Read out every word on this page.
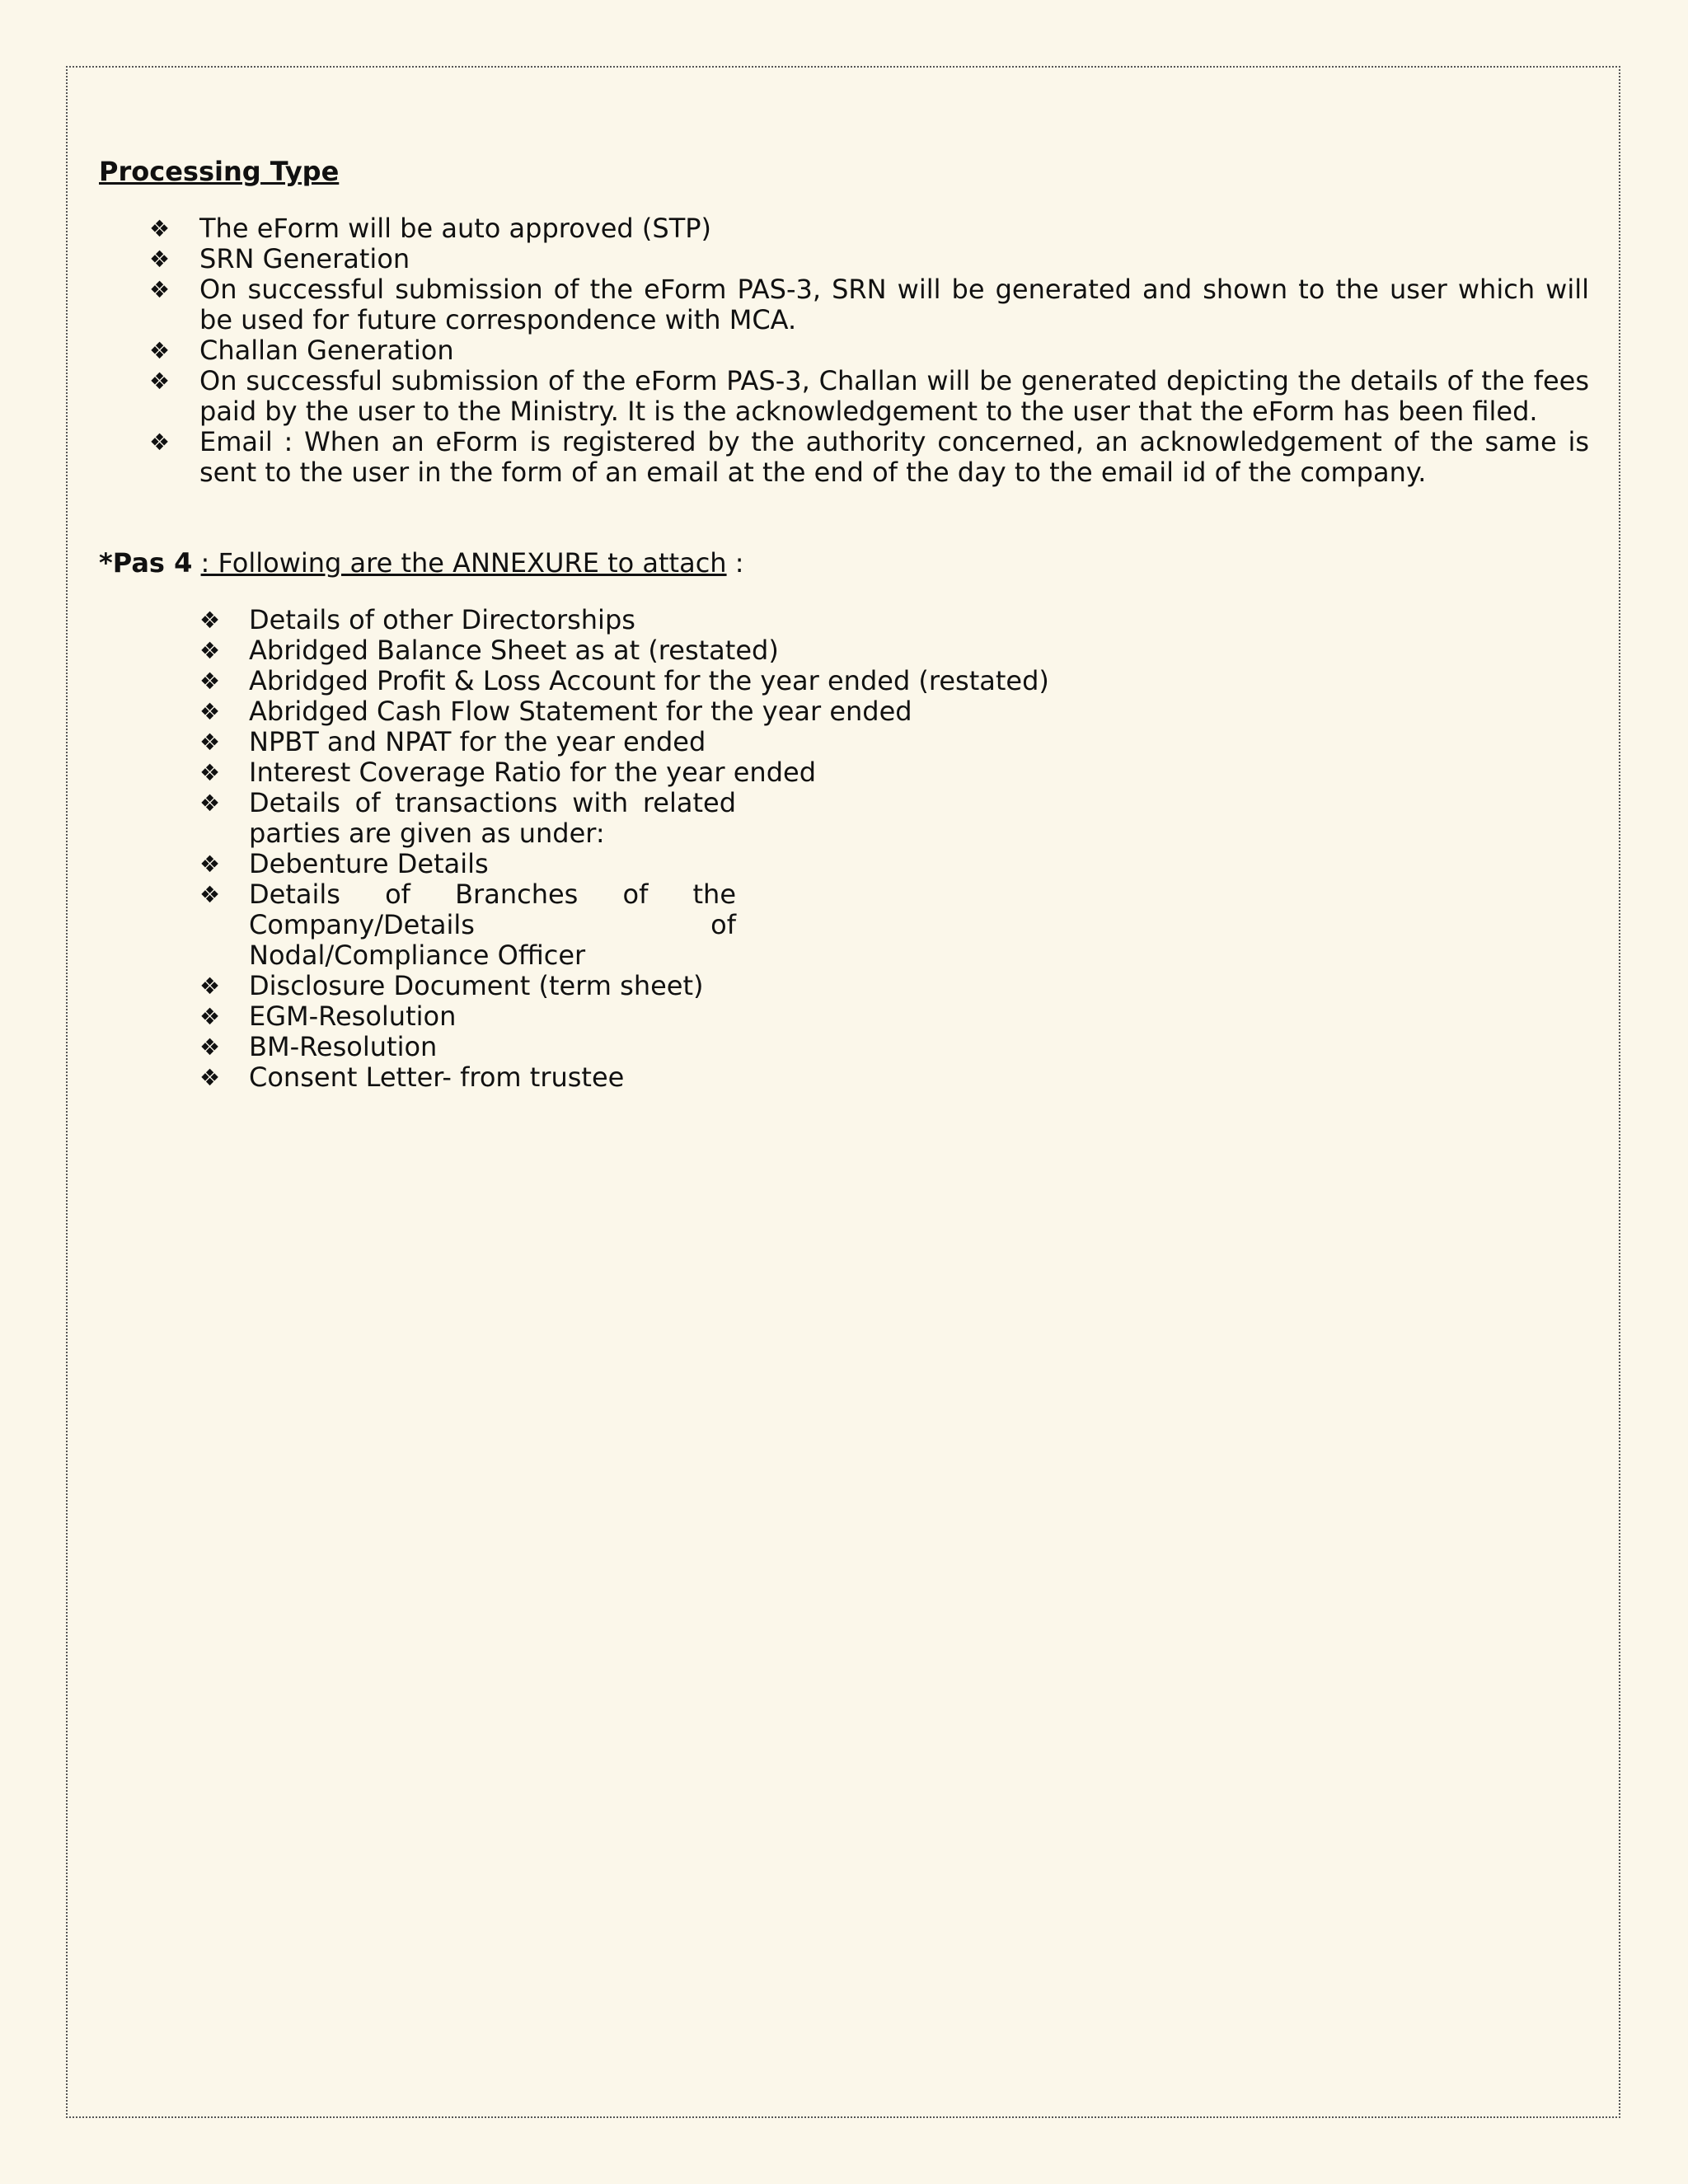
Processing Type

❖ The eForm will be auto approved (STP)
❖ SRN Generation
❖ On successful submission of the eForm PAS-3, SRN will be generated and shown to the user which will be used for future correspondence with MCA.
❖ Challan Generation
❖ On successful submission of the eForm PAS-3, Challan will be generated depicting the details of the fees paid by the user to the Ministry. It is the acknowledgement to the user that the eForm has been filed.
❖ Email : When an eForm is registered by the authority concerned, an acknowledgement of the same is sent to the user in the form of an email at the end of the day to the email id of the company.

*Pas 4 : Following are the ANNEXURE to attach :

❖ Details of other Directorships
❖ Abridged Balance Sheet as at (restated)
❖ Abridged Profit & Loss Account for the year ended (restated)
❖ Abridged Cash Flow Statement for the year ended
❖ NPBT and NPAT for the year ended
❖ Interest Coverage Ratio for the year ended
❖ Details of transactions with related parties are given as under:
❖ Debenture Details
❖ Details of Branches of the Company/Details of Nodal/Compliance Officer
❖ Disclosure Document (term sheet)
❖ EGM-Resolution
❖ BM-Resolution
❖ Consent Letter- from trustee
